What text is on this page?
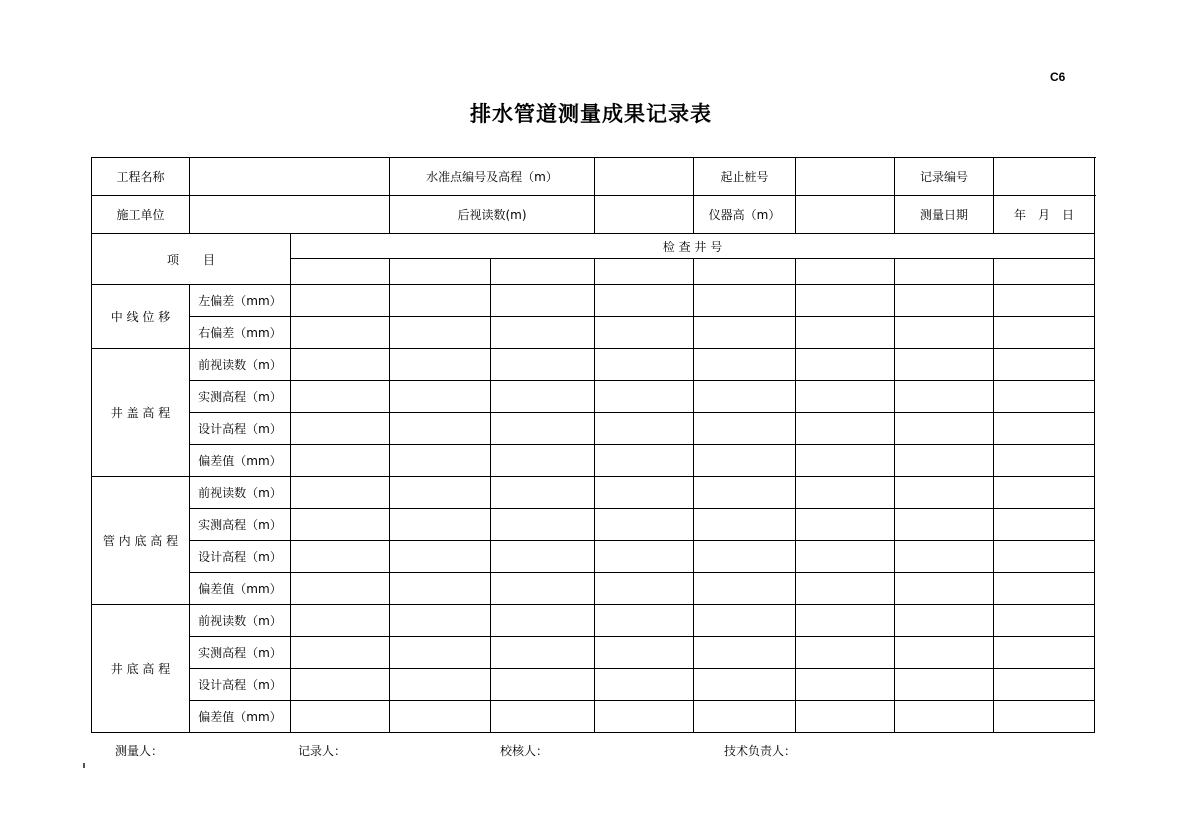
C6
排水管道测量成果记录表
工程名称			水准点编号及高程（m）			起止桩号		记录编号	
施工单位			后视读数(m)			仪器高（m）		测量日期	年　月　日
项　　目		检 查 井 号							

中 线 位 移	左偏差（mm）								
	右偏差（mm）								
井 盖 高 程	前视读数（m）								
	实测高程（m）								
	设计高程（m）								
	偏差值（mm）								
管 内 底 高 程	前视读数（m）								
	实测高程（m）								
	设计高程（m）								
	偏差值（mm）								
井 底 高 程	前视读数（m）								
	实测高程（m）								
	设计高程（m）								
	偏差值（mm）								
测量人：	记录人：	校核人：	技术负责人：
